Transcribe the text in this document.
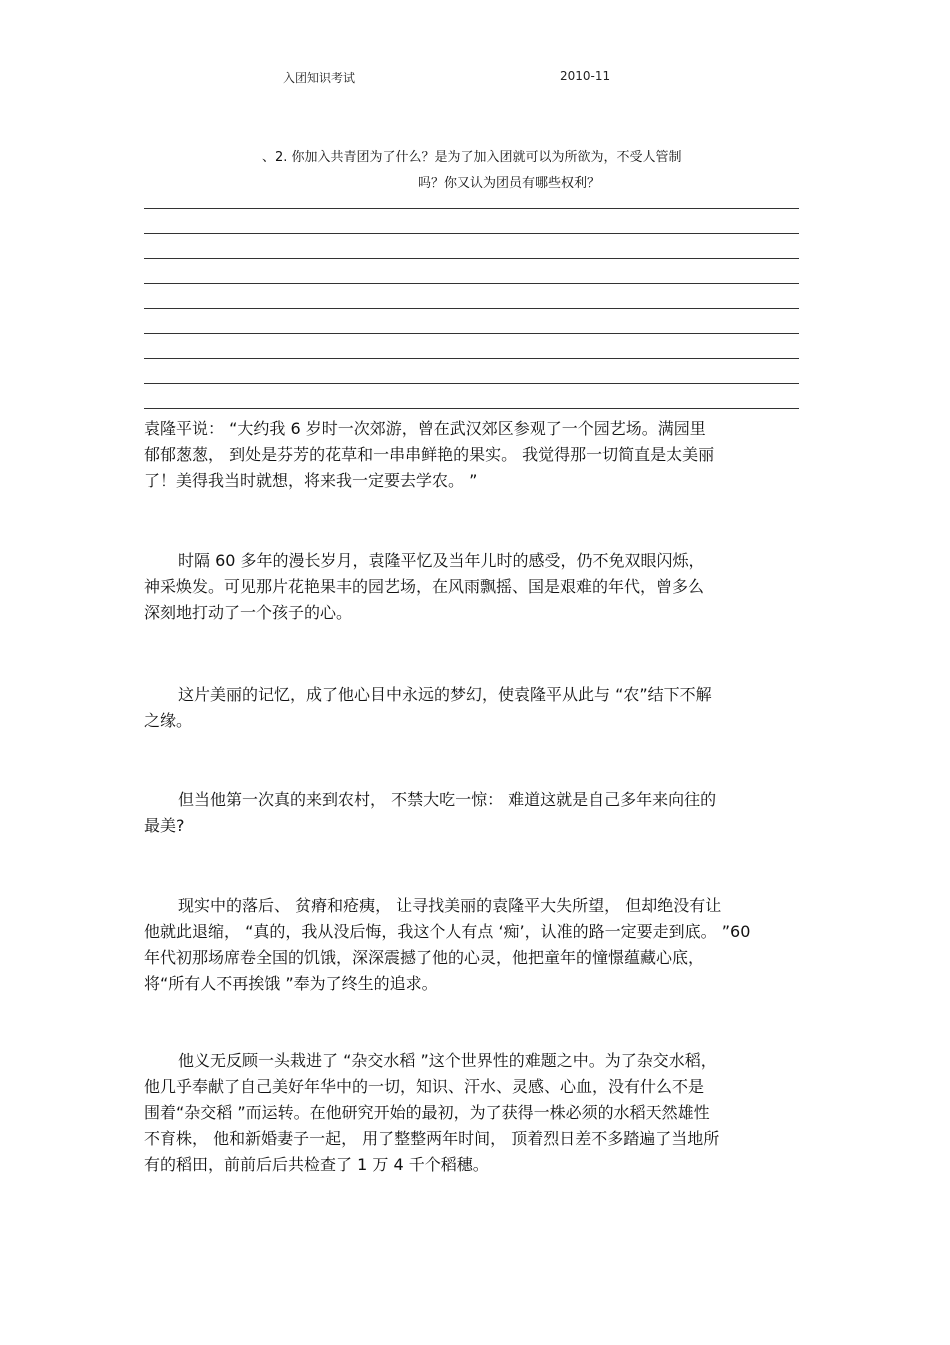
入团知识考试	2010-11
、2. 你加入共青团为了什么？是为了加入团就可以为所欲为，不受人管制
吗？你又认为团员有哪些权利？
袁隆平说： “大约我 6 岁时一次郊游，曾在武汉郊区参观了一个园艺场。满园里
郁郁葱葱， 到处是芬芳的花草和一串串鲜艳的果实。 我觉得那一切简直是太美丽
了！美得我当时就想，将来我一定要去学农。 ”
时隔 60 多年的漫长岁月，袁隆平忆及当年儿时的感受，仍不免双眼闪烁，
神采焕发。可见那片花艳果丰的园艺场，在风雨飘摇、国是艰难的年代，曾多么
深刻地打动了一个孩子的心。
这片美丽的记忆，成了他心目中永远的梦幻，使袁隆平从此与 “农”结下不解
之缘。
但当他第一次真的来到农村， 不禁大吃一惊： 难道这就是自己多年来向往的
最美?
现实中的落后、 贫瘠和疮痍， 让寻找美丽的袁隆平大失所望， 但却绝没有让
他就此退缩， “真的，我从没后悔，我这个人有点 ‘痴’，认准的路一定要走到底。 ”60
年代初那场席卷全国的饥饿，深深震撼了他的心灵，他把童年的憧憬蕴藏心底，
将“所有人不再挨饿 ”奉为了终生的追求。
他义无反顾一头栽进了 “杂交水稻 ”这个世界性的难题之中。为了杂交水稻，
他几乎奉献了自己美好年华中的一切，知识、汗水、灵感、心血，没有什么不是
围着“杂交稻 ”而运转。在他研究开始的最初，为了获得一株必须的水稻天然雄性
不育株， 他和新婚妻子一起， 用了整整两年时间， 顶着烈日差不多踏遍了当地所
有的稻田，前前后后共检查了 1 万 4 千个稻穗。
